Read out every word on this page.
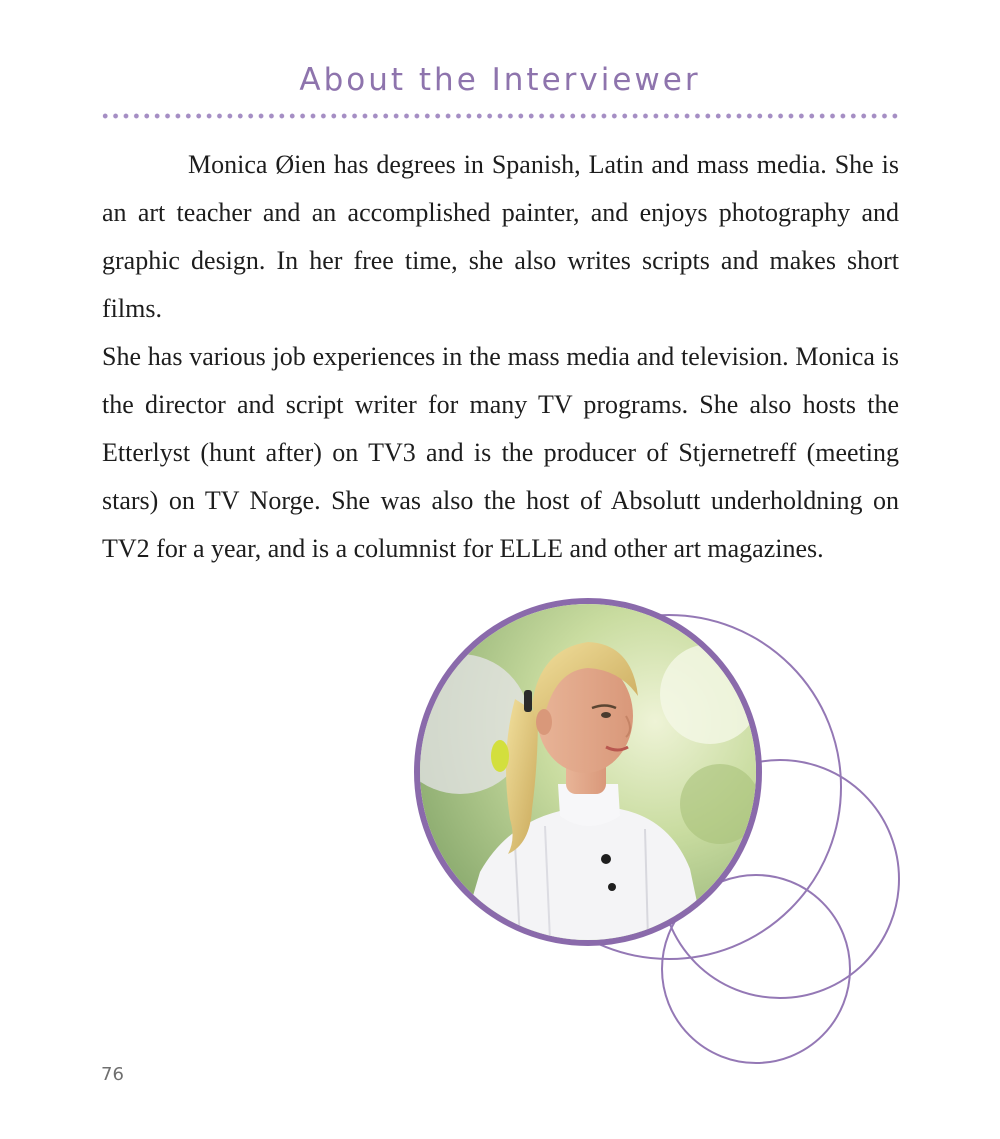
About the Interviewer

Monica Øien has degrees in Spanish, Latin and mass media. She is an art teacher and an accomplished painter, and enjoys photography and graphic design. In her free time, she also writes scripts and makes short films.

She has various job experiences in the mass media and television. Monica is the director and script writer for many TV programs. She also hosts the Etterlyst (hunt after) on TV3 and is the producer of Stjernetreff (meeting stars) on TV Norge. She was also the host of Absolutt underholdning on TV2 for a year, and is a columnist for ELLE and other art magazines.

76
